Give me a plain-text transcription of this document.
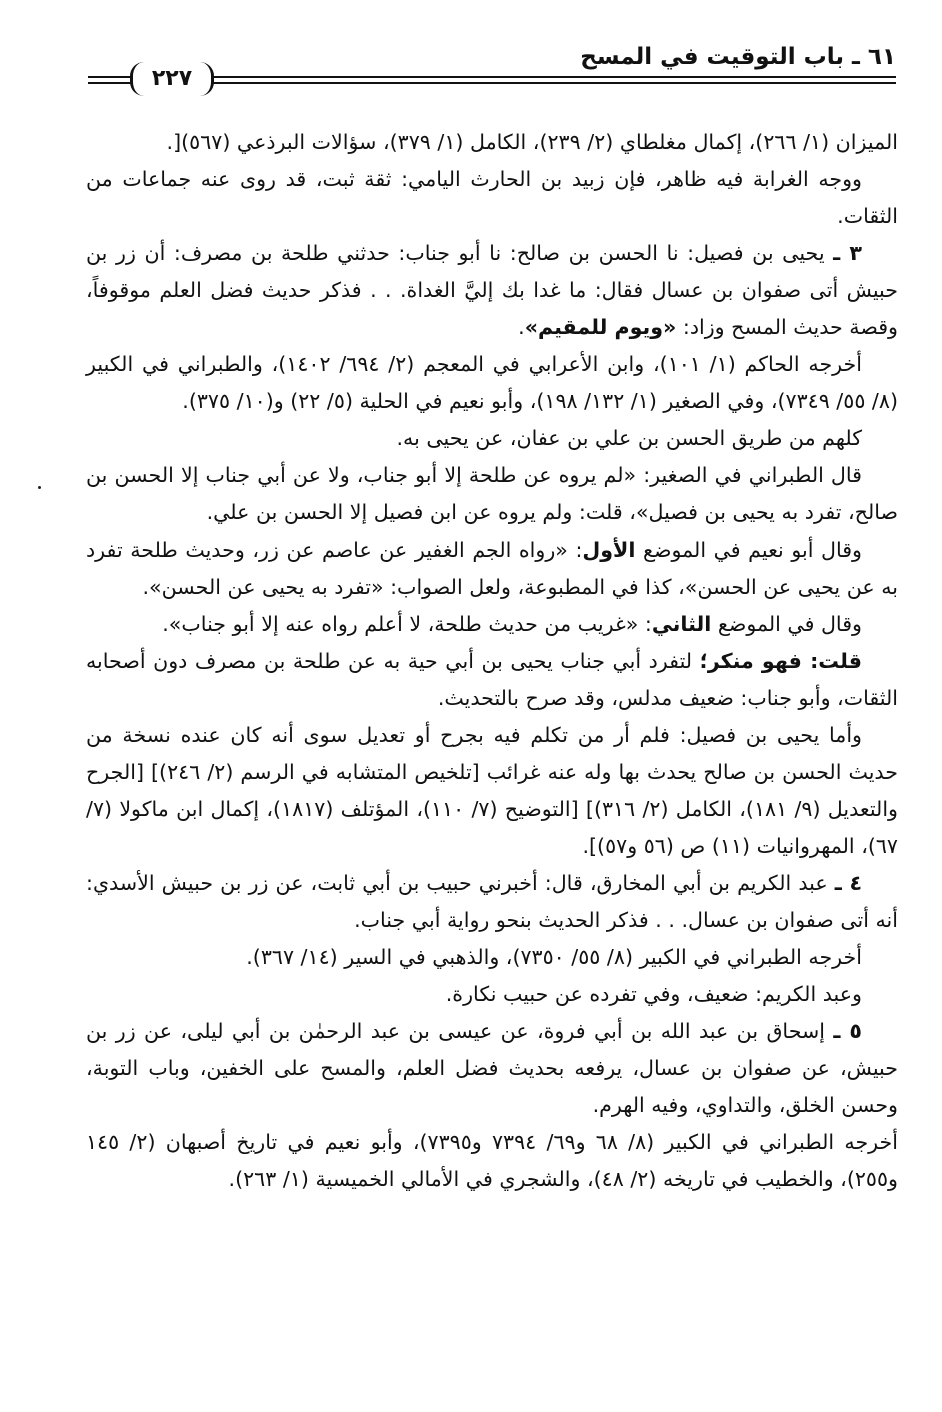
٦١ ـ باب التوقيت في المسح
٢٢٧

الميزان (١/ ٢٦٦)، إكمال مغلطاي (٢/ ٢٣٩)، الكامل (١/ ٣٧٩)، سؤالات البرذعي (٥٦٧)[.

ووجه الغرابة فيه ظاهر، فإن زبيد بن الحارث اليامي: ثقة ثبت، قد روى عنه جماعات من الثقات.

٣ ـ يحيى بن فصيل: نا الحسن بن صالح: نا أبو جناب: حدثني طلحة بن مصرف: أن زر بن حبيش أتى صفوان بن عسال فقال: ما غدا بك إليَّ الغداة. . . فذكر حديث فضل العلم موقوفاً، وقصة حديث المسح وزاد: «ويوم للمقيم».

أخرجه الحاكم (١/ ١٠١)، وابن الأعرابي في المعجم (٢/ ٦٩٤/ ١٤٠٢)، والطبراني في الكبير (٨/ ٥٥/ ٧٣٤٩)، وفي الصغير (١/ ١٣٢/ ١٩٨)، وأبو نعيم في الحلية (٥/ ٢٢) و(١٠/ ٣٧٥).

كلهم من طريق الحسن بن علي بن عفان، عن يحيى به.

قال الطبراني في الصغير: «لم يروه عن طلحة إلا أبو جناب، ولا عن أبي جناب إلا الحسن بن صالح، تفرد به يحيى بن فصيل»، قلت: ولم يروه عن ابن فصيل إلا الحسن بن علي.

وقال أبو نعيم في الموضع الأول: «رواه الجم الغفير عن عاصم عن زر، وحديث طلحة تفرد به عن يحيى عن الحسن»، كذا في المطبوعة، ولعل الصواب: «تفرد به يحيى عن الحسن».

وقال في الموضع الثاني: «غريب من حديث طلحة، لا أعلم رواه عنه إلا أبو جناب».

قلت: فهو منكر؛ لتفرد أبي جناب يحيى بن أبي حية به عن طلحة بن مصرف دون أصحابه الثقات، وأبو جناب: ضعيف مدلس، وقد صرح بالتحديث.

وأما يحيى بن فصيل: فلم أر من تكلم فيه بجرح أو تعديل سوى أنه كان عنده نسخة من حديث الحسن بن صالح يحدث بها وله عنه غرائب [تلخيص المتشابه في الرسم (٢/ ٢٤٦)] [الجرح والتعديل (٩/ ١٨١)، الكامل (٢/ ٣١٦)] [التوضيح (٧/ ١١٠)، المؤتلف (١٨١٧)، إكمال ابن ماكولا (٧/ ٦٧)، المهروانيات (١١) ص (٥٦ و٥٧)].

٤ ـ عبد الكريم بن أبي المخارق، قال: أخبرني حبيب بن أبي ثابت، عن زر بن حبيش الأسدي: أنه أتى صفوان بن عسال. . . فذكر الحديث بنحو رواية أبي جناب.

أخرجه الطبراني في الكبير (٨/ ٥٥/ ٧٣٥٠)، والذهبي في السير (١٤/ ٣٦٧).

وعبد الكريم: ضعيف، وفي تفرده عن حبيب نكارة.

٥ ـ إسحاق بن عبد الله بن أبي فروة، عن عيسى بن عبد الرحمٰن بن أبي ليلى، عن زر بن حبيش، عن صفوان بن عسال، يرفعه بحديث فضل العلم، والمسح على الخفين، وباب التوبة، وحسن الخلق، والتداوي، وفيه الهرم.

أخرجه الطبراني في الكبير (٨/ ٦٨ و٦٩/ ٧٣٩٤ و٧٣٩٥)، وأبو نعيم في تاريخ أصبهان (٢/ ١٤٥ و٢٥٥)، والخطيب في تاريخه (٢/ ٤٨)، والشجري في الأمالي الخميسية (١/ ٢٦٣).
